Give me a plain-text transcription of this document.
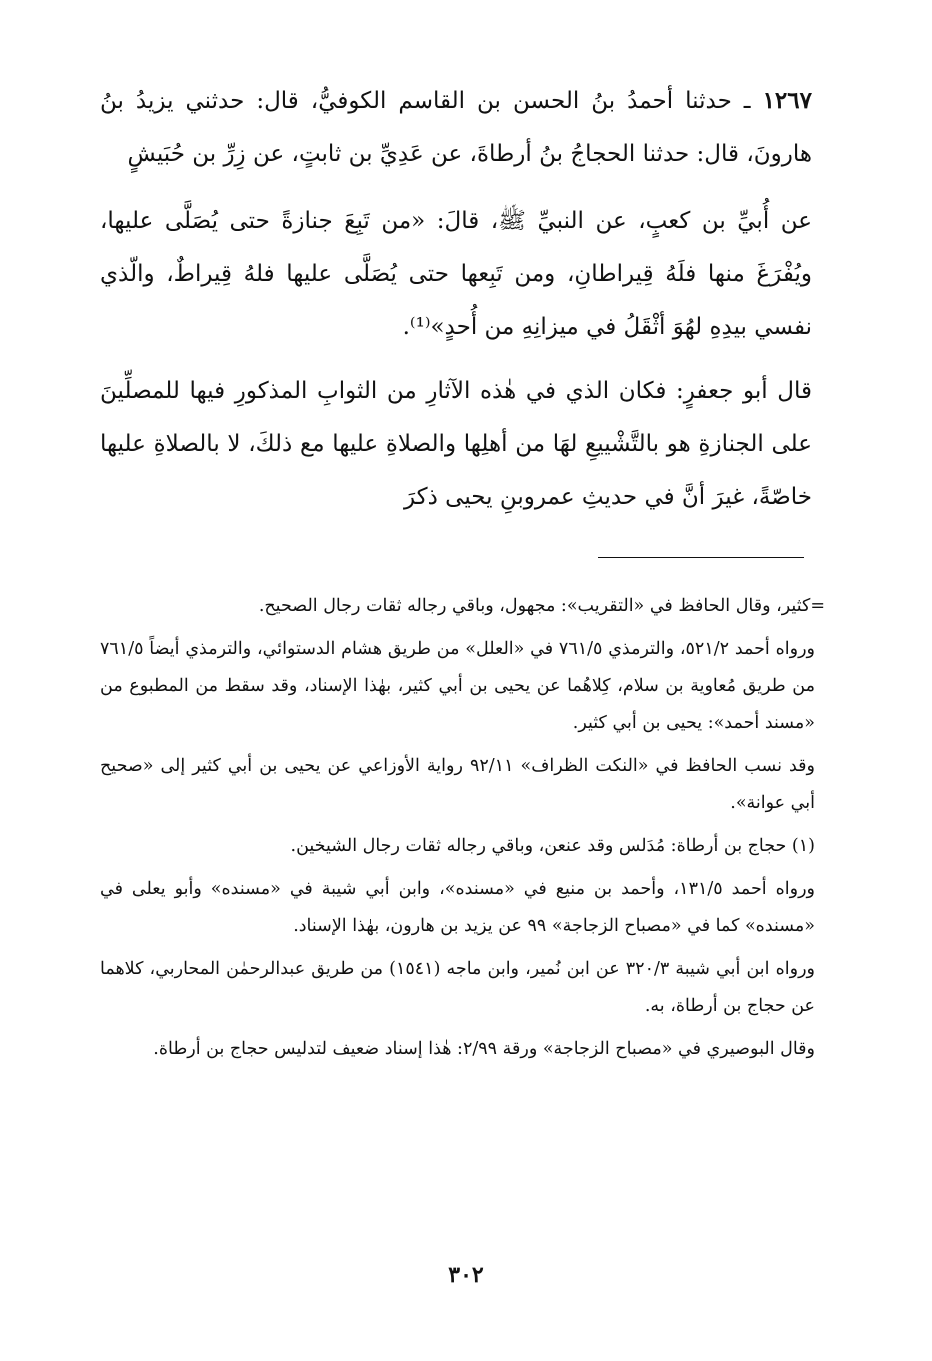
١٢٦٧ ـ حدثنا أحمدُ بنُ الحسن بن القاسم الكوفيُّ، قال: حدثني يزيدُ بنُ هارونَ، قال: حدثنا الحجاجُ بنُ أرطاةَ، عن عَدِيِّ بن ثابتٍ، عن زِرِّ بن حُبَيشٍ

عن أُبيِّ بن كعبٍ، عن النبيِّ ﷺ، قالَ: «من تَبِعَ جنازةً حتى يُصَلَّى عليها، ويُفْرَغَ منها فلَهُ قِيراطانِ، ومن تَبِعها حتى يُصَلَّى عليها فلهُ قِيراطٌ، والّذي نفسي بيدِهِ لهُوَ أثْقَلُ في ميزانِهِ من أُحدٍ»⁽¹⁾.

قال أبو جعفرٍ: فكان الذي في هٰذه الآثارِ من الثوابِ المذكورِ فيها للمصلِّينَ على الجنازةِ هو بالتَّشْييعِ لهَا من أهلِها والصلاةِ عليها مع ذلكَ، لا بالصلاةِ عليها خاصّةً، غيرَ أنَّ في حديثِ عمروبنِ يحيى ذكرَ

=كثير، وقال الحافظ في «التقريب»: مجهول، وباقي رجاله ثقات رجال الصحيح.

ورواه أحمد ٥٢١/٢، والترمذي ٧٦١/٥ في «العلل» من طريق هشام الدستوائي، والترمذي أيضاً ٧٦١/٥ من طريق مُعاوية بن سلام، كِلاهُما عن يحيى بن أبي كثير، بهٰذا الإسناد، وقد سقط من المطبوع من «مسند أحمد»: يحيى بن أبي كثير.

وقد نسب الحافظ في «النكت الظراف» ٩٢/١١ رواية الأوزاعي عن يحيى بن أبي كثير إلى «صحيح أبي عوانة».

(١) حجاج بن أرطاة: مُدَلس وقد عنعن، وباقي رجاله ثقات رجال الشيخين.

ورواه أحمد ١٣١/٥، وأحمد بن منيع في «مسنده»، وابن أبي شيبة في «مسنده» وأبو يعلى في «مسنده» كما في «مصباح الزجاجة» ٩٩ عن يزيد بن هارون، بهٰذا الإسناد.

ورواه ابن أبي شيبة ٣٢٠/٣ عن ابن نُمير، وابن ماجه (١٥٤١) من طريق عبدالرحمٰن المحاربي، كلاهما عن حجاج بن أرطاة، به.

وقال البوصيري في «مصباح الزجاجة» ورقة ٢/٩٩: هٰذا إسناد ضعيف لتدليس حجاج بن أرطاة.

٣٠٢
